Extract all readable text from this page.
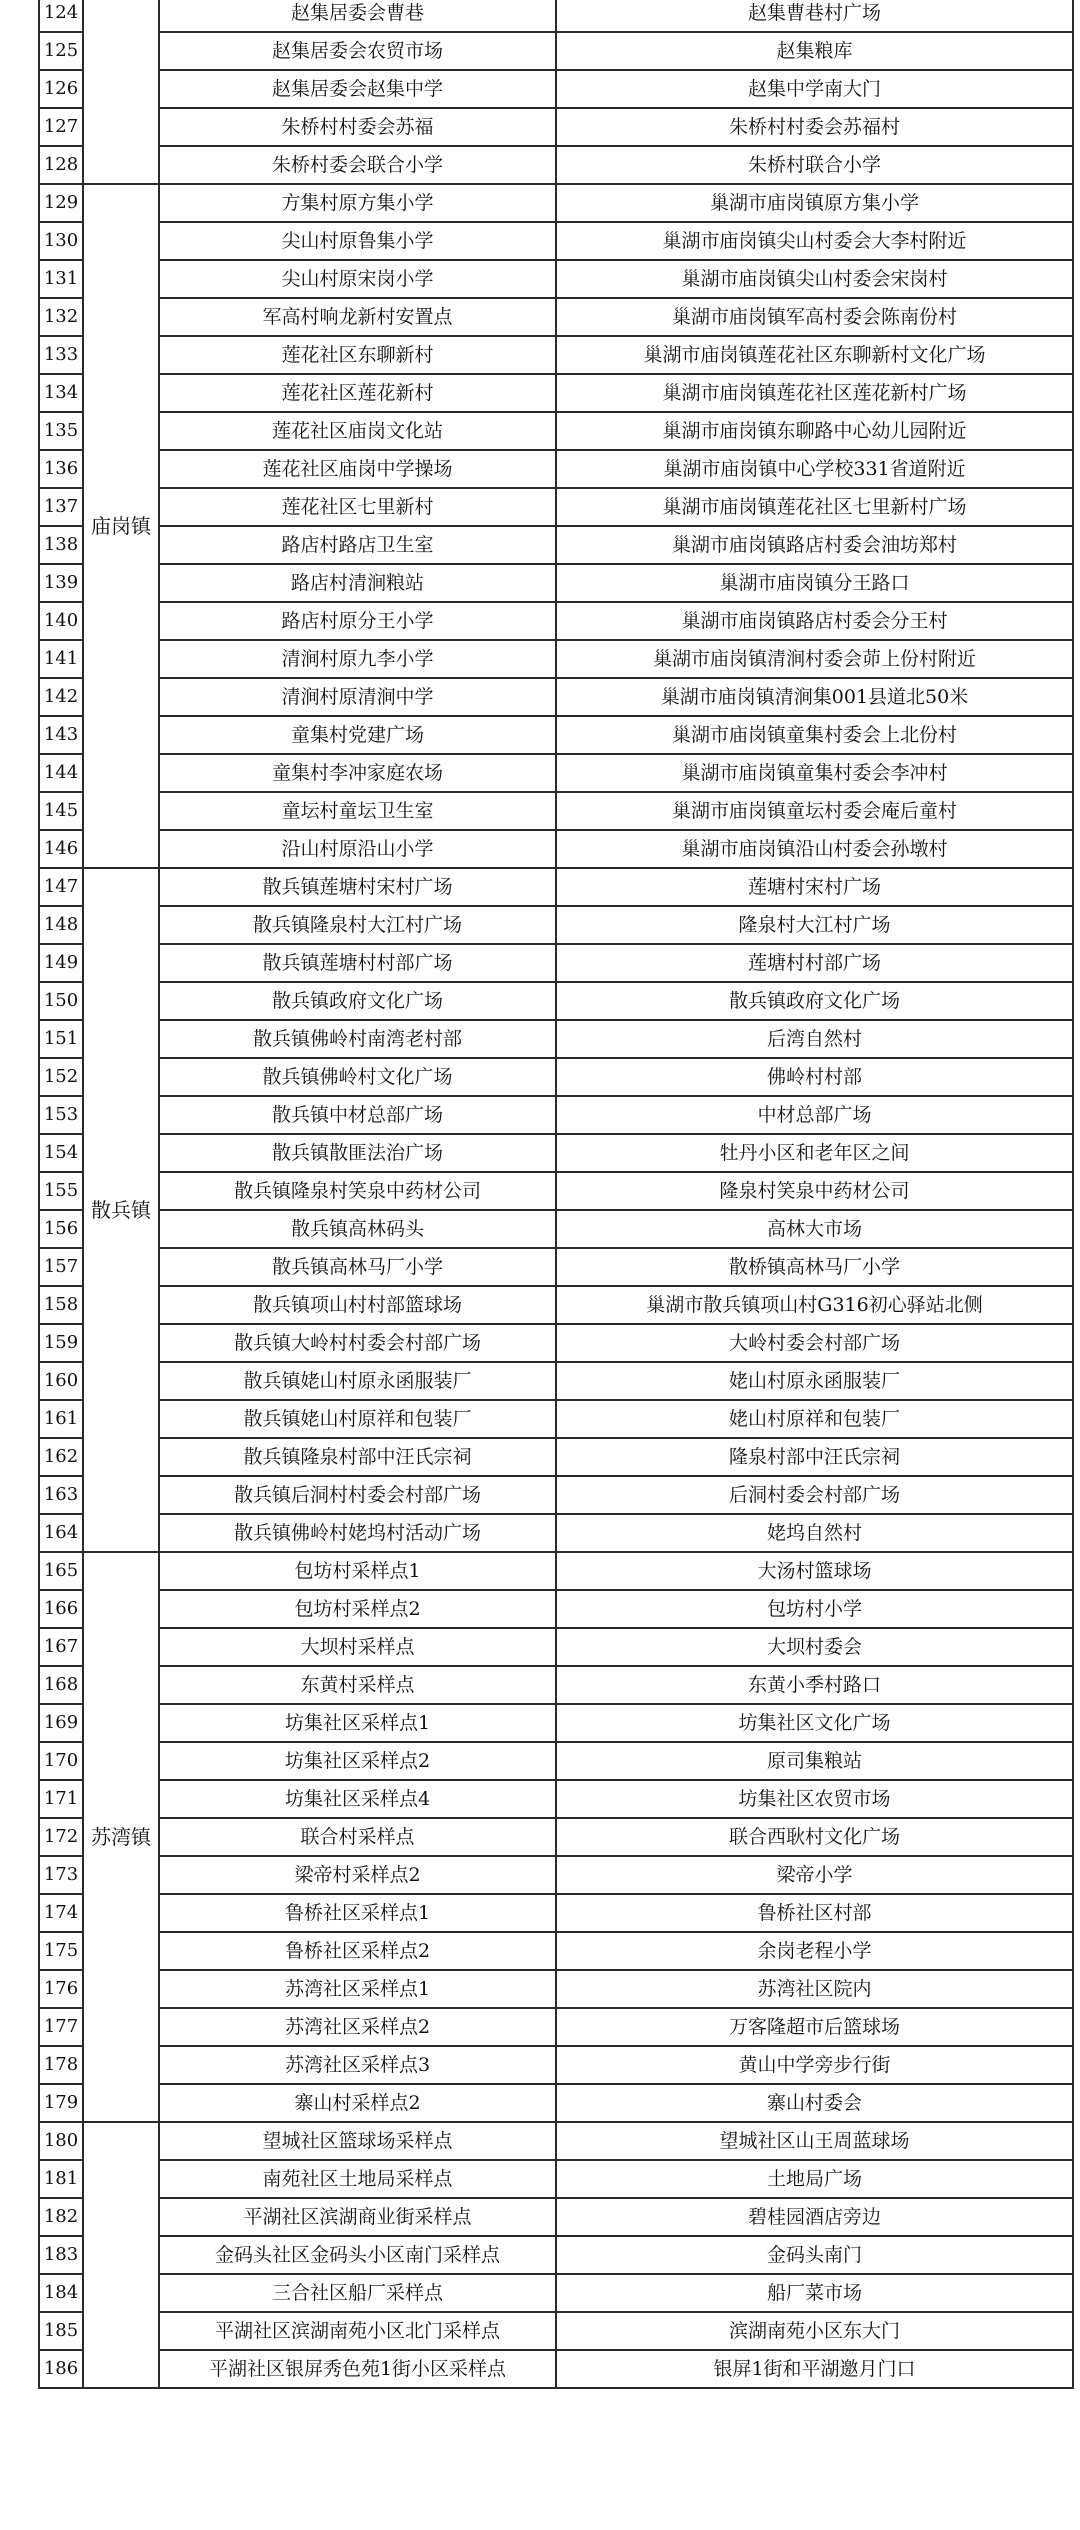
124		赵集居委会曹巷	赵集曹巷村广场
125		赵集居委会农贸市场	赵集粮库
126		赵集居委会赵集中学	赵集中学南大门
127		朱桥村村委会苏福	朱桥村村委会苏福村
128		朱桥村委会联合小学	朱桥村联合小学
129	庙岗镇	方集村原方集小学	巢湖市庙岗镇原方集小学
130		尖山村原鲁集小学	巢湖市庙岗镇尖山村委会大李村附近
131		尖山村原宋岗小学	巢湖市庙岗镇尖山村委会宋岗村
132		军高村响龙新村安置点	巢湖市庙岗镇军高村委会陈南份村
133		莲花社区东聊新村	巢湖市庙岗镇莲花社区东聊新村文化广场
134		莲花社区莲花新村	巢湖市庙岗镇莲花社区莲花新村广场
135		莲花社区庙岗文化站	巢湖市庙岗镇东聊路中心幼儿园附近
136		莲花社区庙岗中学操场	巢湖市庙岗镇中心学校331省道附近
137		莲花社区七里新村	巢湖市庙岗镇莲花社区七里新村广场
138		路店村路店卫生室	巢湖市庙岗镇路店村委会油坊郑村
139		路店村清涧粮站	巢湖市庙岗镇分王路口
140		路店村原分王小学	巢湖市庙岗镇路店村委会分王村
141		清涧村原九李小学	巢湖市庙岗镇清涧村委会茆上份村附近
142		清涧村原清涧中学	巢湖市庙岗镇清涧集001县道北50米
143		童集村党建广场	巢湖市庙岗镇童集村委会上北份村
144		童集村李冲家庭农场	巢湖市庙岗镇童集村委会李冲村
145		童坛村童坛卫生室	巢湖市庙岗镇童坛村委会庵后童村
146		沿山村原沿山小学	巢湖市庙岗镇沿山村委会孙墩村
147	散兵镇	散兵镇莲塘村宋村广场	莲塘村宋村广场
148		散兵镇隆泉村大江村广场	隆泉村大江村广场
149		散兵镇莲塘村村部广场	莲塘村村部广场
150		散兵镇政府文化广场	散兵镇政府文化广场
151		散兵镇佛岭村南湾老村部	后湾自然村
152		散兵镇佛岭村文化广场	佛岭村村部
153		散兵镇中材总部广场	中材总部广场
154		散兵镇散匪法治广场	牡丹小区和老年区之间
155		散兵镇隆泉村笑泉中药材公司	隆泉村笑泉中药材公司
156		散兵镇高林码头	高林大市场
157		散兵镇高林马厂小学	散桥镇高林马厂小学
158		散兵镇项山村村部篮球场	巢湖市散兵镇项山村G316初心驿站北侧
159		散兵镇大岭村村委会村部广场	大岭村委会村部广场
160		散兵镇姥山村原永函服装厂	姥山村原永函服装厂
161		散兵镇姥山村原祥和包装厂	姥山村原祥和包装厂
162		散兵镇隆泉村部中汪氏宗祠	隆泉村部中汪氏宗祠
163		散兵镇后洞村村委会村部广场	后洞村委会村部广场
164		散兵镇佛岭村姥坞村活动广场	姥坞自然村
165	苏湾镇	包坊村采样点1	大汤村篮球场
166		包坊村采样点2	包坊村小学
167		大坝村采样点	大坝村委会
168		东黄村采样点	东黄小季村路口
169		坊集社区采样点1	坊集社区文化广场
170		坊集社区采样点2	原司集粮站
171		坊集社区采样点4	坊集社区农贸市场
172		联合村采样点	联合西耿村文化广场
173		梁帝村采样点2	梁帝小学
174		鲁桥社区采样点1	鲁桥社区村部
175		鲁桥社区采样点2	余岗老程小学
176		苏湾社区采样点1	苏湾社区院内
177		苏湾社区采样点2	万客隆超市后篮球场
178		苏湾社区采样点3	黄山中学旁步行街
179		寨山村采样点2	寨山村委会
180		望城社区篮球场采样点	望城社区山王周蓝球场
181		南苑社区土地局采样点	土地局广场
182		平湖社区滨湖商业街采样点	碧桂园酒店旁边
183		金码头社区金码头小区南门采样点	金码头南门
184		三合社区船厂采样点	船厂菜市场
185		平湖社区滨湖南苑小区北门采样点	滨湖南苑小区东大门
186		平湖社区银屏秀色苑1街小区采样点	银屏1街和平湖邀月门口
